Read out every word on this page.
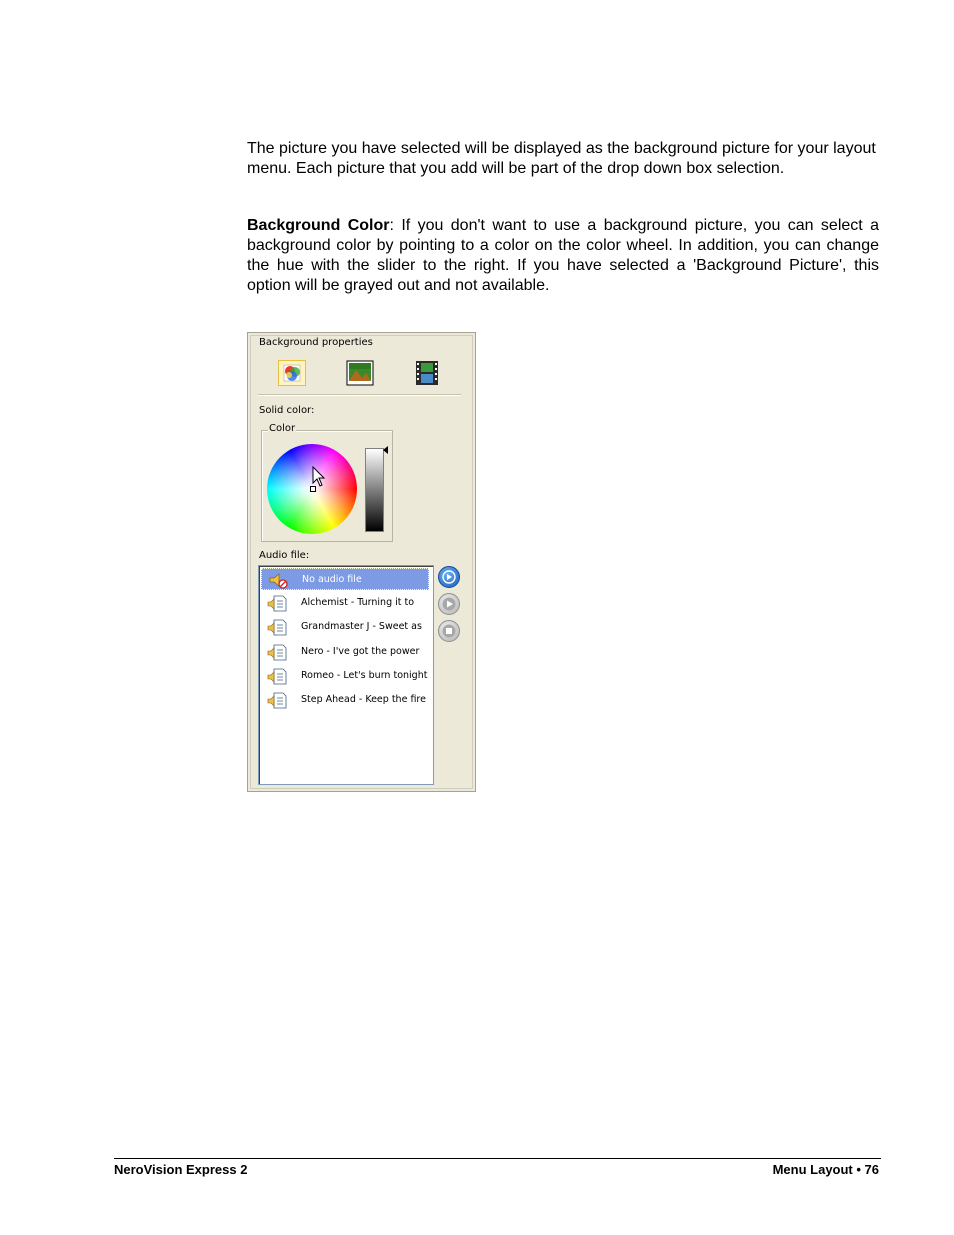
The picture you have selected will be displayed as the background picture for your layout menu. Each picture that you add will be part of the drop down box selection.

Background Color: If you don't want to use a background picture, you can select a background color by pointing to a color on the color wheel. In addition, you can change the hue with the slider to the right. If you have selected a 'Background Picture', this option will be grayed out and not available.

Background properties
Solid color:
Color
Audio file:
No audio file
Alchemist - Turning it to
Grandmaster J - Sweet as
Nero - I've got the power
Romeo - Let's burn tonight
Step Ahead - Keep the fire
NeroVision Express 2	Menu Layout • 76
